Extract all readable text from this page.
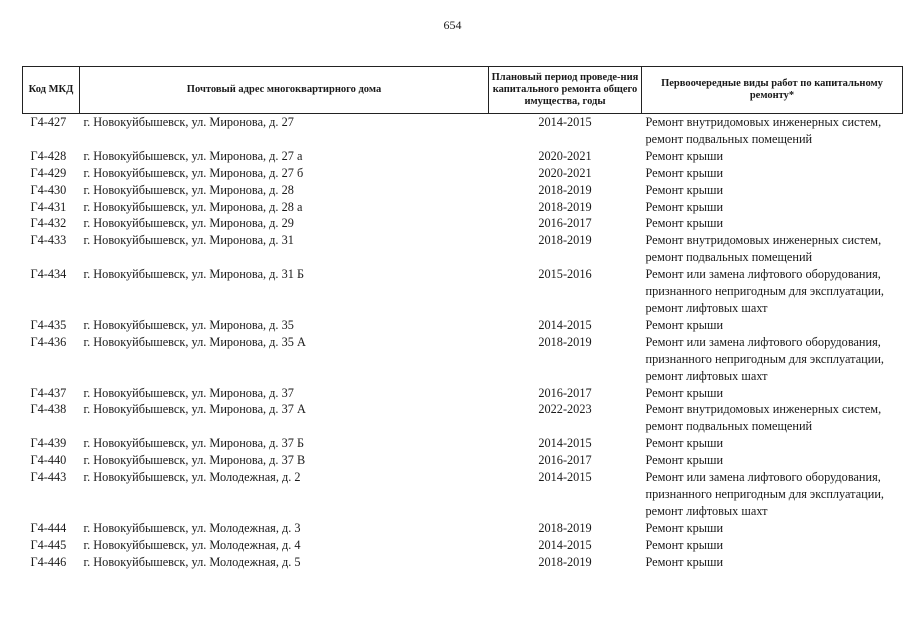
654
Код МКД	Почтовый адрес многоквартирного дома	Плановый период проведе-ния капитального ремонта общего имущества, годы	Первоочередные виды работ по капитальному ремонту*
Г4-427	г. Новокуйбышевск, ул. Миронова, д. 27	2014-2015	Ремонт внутридомовых инженерных систем,
ремонт подвальных помещений

Г4-428	г. Новокуйбышевск, ул. Миронова, д. 27 а	2020-2021	Ремонт крыши

Г4-429	г. Новокуйбышевск, ул. Миронова, д. 27 б	2020-2021	Ремонт крыши

Г4-430	г. Новокуйбышевск, ул. Миронова, д. 28	2018-2019	Ремонт крыши

Г4-431	г. Новокуйбышевск, ул. Миронова, д. 28 а	2018-2019	Ремонт крыши

Г4-432	г. Новокуйбышевск, ул. Миронова, д. 29	2016-2017	Ремонт крыши

Г4-433	г. Новокуйбышевск, ул. Миронова, д. 31	2018-2019	Ремонт внутридомовых инженерных систем,
ремонт подвальных помещений

Г4-434	г. Новокуйбышевск, ул. Миронова, д. 31 Б	2015-2016	Ремонт или замена лифтового оборудования,
признанного непригодным для эксплуатации,
ремонт лифтовых шахт

Г4-435	г. Новокуйбышевск, ул. Миронова, д. 35	2014-2015	Ремонт крыши

Г4-436	г. Новокуйбышевск, ул. Миронова, д. 35 А	2018-2019	Ремонт или замена лифтового оборудования,
признанного непригодным для эксплуатации,
ремонт лифтовых шахт

Г4-437	г. Новокуйбышевск, ул. Миронова, д. 37	2016-2017	Ремонт крыши

Г4-438	г. Новокуйбышевск, ул. Миронова, д. 37 А	2022-2023	Ремонт внутридомовых инженерных систем,
ремонт подвальных помещений

Г4-439	г. Новокуйбышевск, ул. Миронова, д. 37 Б	2014-2015	Ремонт крыши

Г4-440	г. Новокуйбышевск, ул. Миронова, д. 37 В	2016-2017	Ремонт крыши

Г4-443	г. Новокуйбышевск, ул. Молодежная, д. 2	2014-2015	Ремонт или замена лифтового оборудования,
признанного непригодным для эксплуатации,
ремонт лифтовых шахт

Г4-444	г. Новокуйбышевск, ул. Молодежная, д. 3	2018-2019	Ремонт крыши

Г4-445	г. Новокуйбышевск, ул. Молодежная, д. 4	2014-2015	Ремонт крыши

Г4-446	г. Новокуйбышевск, ул. Молодежная, д. 5	2018-2019	Ремонт крыши
